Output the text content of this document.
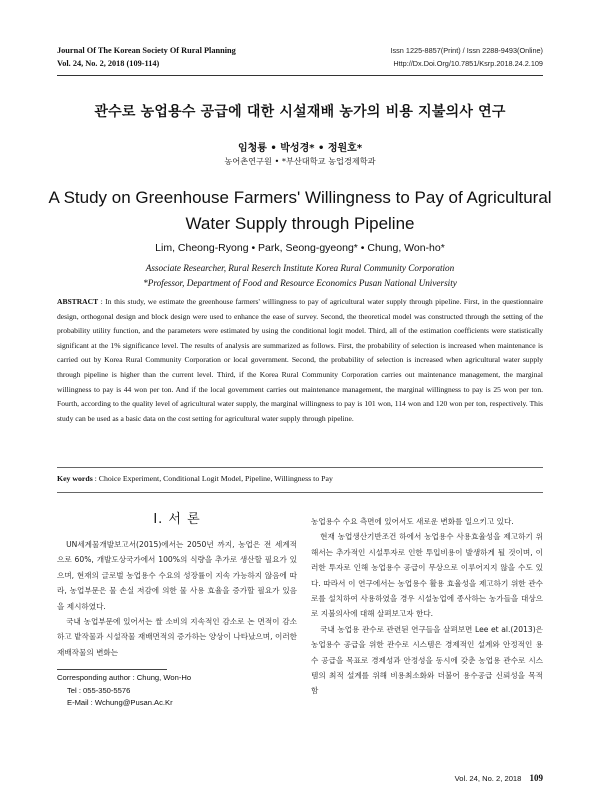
Journal Of The Korean Society Of Rural Planning
Vol. 24, No. 2, 2018 (109-114)
Issn 1225-8857(Print) / Issn 2288-9493(Online)
Http://Dx.Doi.Org/10.7851/Ksrp.2018.24.2.109
관수로 농업용수 공급에 대한 시설재배 농가의 비용 지불의사 연구
임청룡 • 박성경* • 정원호*
농어촌연구원 • *부산대학교 농업경제학과
A Study on Greenhouse Farmers' Willingness to Pay of Agricultural
Water Supply through Pipeline
Lim, Cheong-Ryong • Park, Seong-gyeong* • Chung, Won-ho*
Associate Researcher, Rural Reserch Institute Korea Rural Community Corporation
*Professor, Department of Food and Resource Economics Pusan National University
ABSTRACT : In this study, we estimate the greenhouse farmers' willingness to pay of agricultural water supply through pipeline. First, in the questionnaire design, orthogonal design and block design were used to enhance the ease of survey. Second, the theoretical model was constructed through the setting of the probability utility function, and the parameters were estimated by using the conditional logit model. Third, all of the estimation coefficients were statistically significant at the 1% significance level. The results of analysis are summarized as follows. First, the probability of selection is increased when maintenance is carried out by Korea Rural Community Corporation or local government. Second, the probability of selection is increased when agricultural water supply through pipeline is higher than the current level. Third, if the Korea Rural Community Corporation carries out maintenance management, the marginal willingness to pay is 44 won per ton. And if the local government carries out maintenance management, the marginal willingness to pay is 25 won per ton. Fourth, according to the quality level of agricultural water supply, the marginal willingness to pay is 101 won, 114 won and 120 won per ton, respectively. This study can be used as a basic data on the cost setting for agricultural water supply through pipeline.
Key words : Choice Experiment, Conditional Logit Model, Pipeline, Willingness to Pay
I. 서 론

UN세계물개발보고서(2015)에서는 2050년 까지, 농업은 전 세계적으로 60%, 개발도상국가에서 100%의 식량을 추가로 생산할 필요가 있으며, 현재의 글로벌 농업용수 수요의 성장률이 지속 가능하지 않음에 따라, 농업부문은 물 손실 저감에 의한 물 사용 효율을 증가할 필요가 있음을 제시하였다.

국내 농업부문에 있어서는 쌀 소비의 지속적인 감소로 논 면적이 감소하고 밭작물과 시설작물 재배면적의 증가하는 양상이 나타났으며, 이러한 재배작물의 변화는

농업용수 수요 측면에 있어서도 새로운 변화를 일으키고 있다.

현재 농업생산기반조건 하에서 농업용수 사용효율성을 제고하기 위해서는 추가적인 시설투자로 인한 투입비용이 발생하게 될 것이며, 이러한 투자로 인해 농업용수 공급이 무상으로 이루어지지 않을 수도 있다. 따라서 이 연구에서는 농업용수 활용 효율성을 제고하기 위한 관수로를 설치하여 사용하였을 경우 시설농업에 종사하는 농가들을 대상으로 지불의사에 대해 살펴보고자 한다.

국내 농업용 관수로 관련된 연구들을 살펴보면 Lee et al.(2013)은 농업용수 공급을 위한 관수로 시스템은 경제적인 설계와 안정적인 용수 공급을 목표로 경제성과 안정성을 동시에 갖춘 농업용 관수로 시스템의 최적 설계를 위해 비용최소화와 더불어 용수공급 신뢰성을 목적함

Corresponding author : Chung, Won-Ho
Tel : 055-350-5576
E-Mail : Wchung@Pusan.Ac.Kr
Vol. 24, No. 2, 2018 109
